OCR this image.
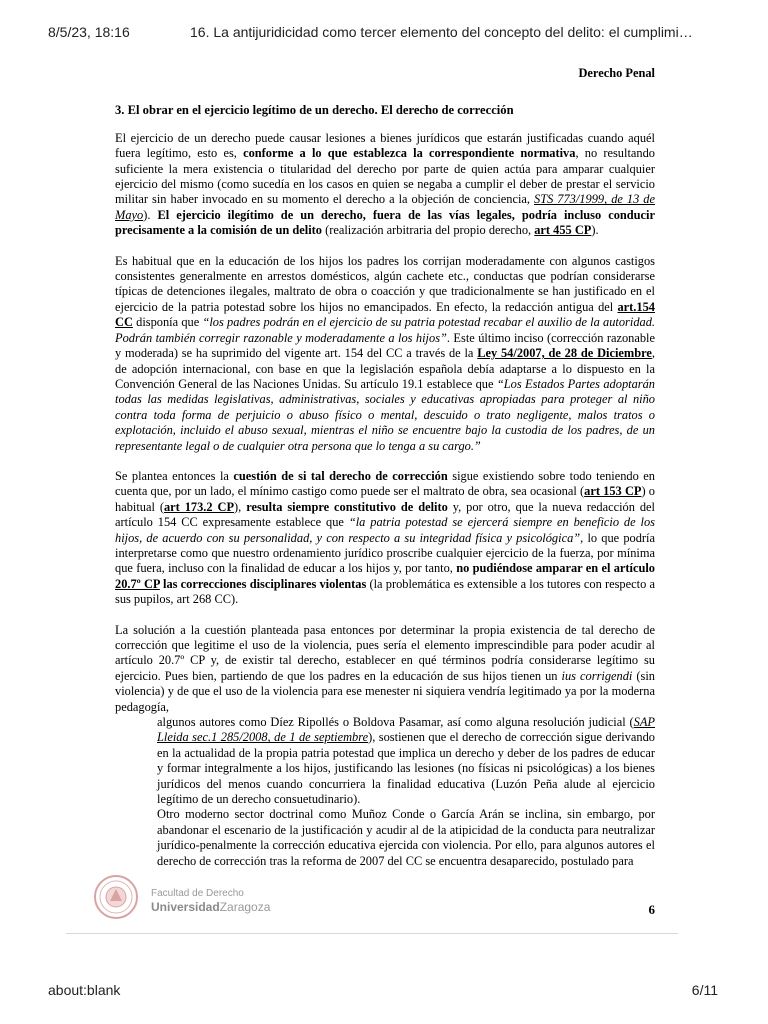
8/5/23, 18:16	16. La antijuridicidad como tercer elemento del concepto del delito: el cumplimi…

Derecho Penal

3. El obrar en el ejercicio legítimo de un derecho. El derecho de corrección

El ejercicio de un derecho puede causar lesiones a bienes jurídicos que estarán justificadas cuando aquél fuera legítimo, esto es, conforme a lo que establezca la correspondiente normativa, no resultando suficiente la mera existencia o titularidad del derecho por parte de quien actúa para amparar cualquier ejercicio del mismo (como sucedía en los casos en quien se negaba a cumplir el deber de prestar el servicio militar sin haber invocado en su momento el derecho a la objeción de conciencia, STS 773/1999, de 13 de Mayo). El ejercicio ilegítimo de un derecho, fuera de las vías legales, podría incluso conducir precisamente a la comisión de un delito (realización arbitraria del propio derecho, art 455 CP).

Es habitual que en la educación de los hijos los padres los corrijan moderadamente con algunos castigos consistentes generalmente en arrestos domésticos, algún cachete etc., conductas que podrían considerarse típicas de detenciones ilegales, maltrato de obra o coacción y que tradicionalmente se han justificado en el ejercicio de la patria potestad sobre los hijos no emancipados. En efecto, la redacción antigua del art.154 CC disponía que “los padres podrán en el ejercicio de su patria potestad recabar el auxilio de la autoridad. Podrán también corregir razonable y moderadamente a los hijos”. Este último inciso (corrección razonable y moderada) se ha suprimido del vigente art. 154 del CC a través de la Ley 54/2007, de 28 de Diciembre, de adopción internacional, con base en que la legislación española debía adaptarse a lo dispuesto en la Convención General de las Naciones Unidas. Su artículo 19.1 establece que “Los Estados Partes adoptarán todas las medidas legislativas, administrativas, sociales y educativas apropiadas para proteger al niño contra toda forma de perjuicio o abuso físico o mental, descuido o trato negligente, malos tratos o explotación, incluido el abuso sexual, mientras el niño se encuentre bajo la custodia de los padres, de un representante legal o de cualquier otra persona que lo tenga a su cargo.”

Se plantea entonces la cuestión de si tal derecho de corrección sigue existiendo sobre todo teniendo en cuenta que, por un lado, el mínimo castigo como puede ser el maltrato de obra, sea ocasional (art 153 CP) o habitual (art 173.2 CP), resulta siempre constitutivo de delito y, por otro, que la nueva redacción del artículo 154 CC expresamente establece que “la patria potestad se ejercerá siempre en beneficio de los hijos, de acuerdo con su personalidad, y con respecto a su integridad física y psicológica”, lo que podría interpretarse como que nuestro ordenamiento jurídico proscribe cualquier ejercicio de la fuerza, por mínima que fuera, incluso con la finalidad de educar a los hijos y, por tanto, no pudiéndose amparar en el artículo 20.7º CP las correcciones disciplinares violentas (la problemática es extensible a los tutores con respecto a sus pupilos, art 268 CC).

La solución a la cuestión planteada pasa entonces por determinar la propia existencia de tal derecho de corrección que legitime el uso de la violencia, pues sería el elemento imprescindible para poder acudir al artículo 20.7º CP y, de existir tal derecho, establecer en qué términos podría considerarse legítimo su ejercicio. Pues bien, partiendo de que los padres en la educación de sus hijos tienen un ius corrigendi (sin violencia) y de que el uso de la violencia para ese menester ni siquiera vendría legitimado ya por la moderna pedagogía,

algunos autores como Díez Ripollés o Boldova Pasamar, así como alguna resolución judicial (SAP Lleida sec.1 285/2008, de 1 de septiembre), sostienen que el derecho de corrección sigue derivando en la actualidad de la propia patria potestad que implica un derecho y deber de los padres de educar y formar integralmente a los hijos, justificando las lesiones (no físicas ni psicológicas) a los bienes jurídicos del menos cuando concurriera la finalidad educativa (Luzón Peña alude al ejercicio legítimo de un derecho consuetudinario).

Otro moderno sector doctrinal como Muñoz Conde o García Arán se inclina, sin embargo, por abandonar el escenario de la justificación y acudir al de la atipicidad de la conducta para neutralizar jurídico-penalmente la corrección educativa ejercida con violencia. Por ello, para algunos autores el derecho de corrección tras la reforma de 2007 del CC se encuentra desaparecido, postulado para

Facultad de Derecho
UniversidadZaragoza	6
about:blank	6/11
